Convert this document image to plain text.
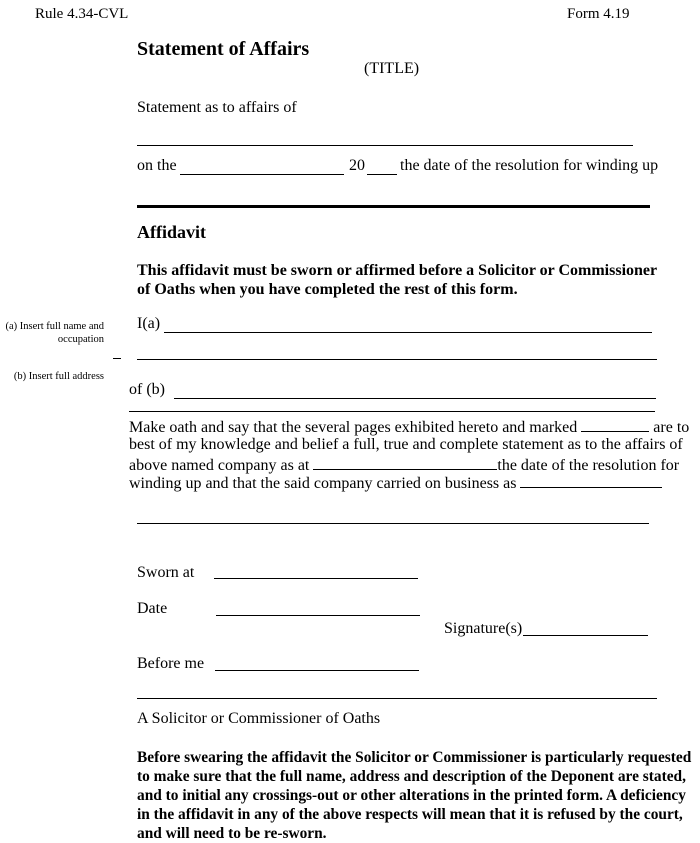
Rule 4.34-CVL	Form 4.19
Statement of Affairs
(TITLE)
Statement as to affairs of
on the	20 the date of the resolution for winding up
Affidavit
This affidavit must be sworn or affirmed before a Solicitor or Commissioner of Oaths when you have completed the rest of this form.
(a) Insert full name and
occupation
(b) Insert full address
I(a)
of (b)
Make oath and say that the several pages exhibited hereto and marked	are to
best of my knowledge and belief a full, true and complete statement as to the affairs of
above named company as at	the date of the resolution for
winding up and that the said company carried on business as
Sworn at
Date
Signature(s)
Before me
A Solicitor or Commissioner of Oaths
Before swearing the affidavit the Solicitor or Commissioner is particularly requested to make sure that the full name, address and description of the Deponent are stated, and to initial any crossings-out or other alterations in the printed form. A deficiency in the affidavit in any of the above respects will mean that it is refused by the court, and will need to be re-sworn.
